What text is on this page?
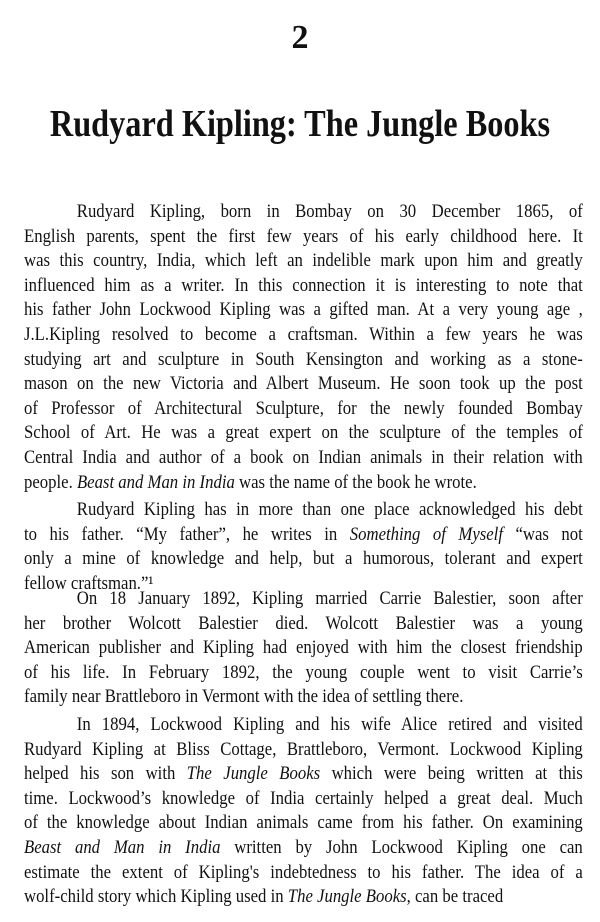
2
Rudyard Kipling: The Jungle Books
Rudyard Kipling, born in Bombay on 30 December 1865, of
English parents, spent the first few years of his early childhood here. It
was this country, India, which left an indelible mark upon him and greatly
influenced him as a writer. In this connection it is interesting to note that
his father John Lockwood Kipling was a gifted man. At a very young age ,
J.L.Kipling resolved to become a craftsman. Within a few years he was
studying art and sculpture in South Kensington and working as a stone-
mason on the new Victoria and Albert Museum. He soon took up the post
of Professor of Architectural Sculpture, for the newly founded Bombay
School of Art. He was a great expert on the sculpture of the temples of
Central India and author of a book on Indian animals in their relation with
people. Beast and Man in India was the name of the book he wrote.
Rudyard Kipling has in more than one place acknowledged his debt
to his father. “My father”, he writes in Something of Myself “was not
only a mine of knowledge and help, but a humorous, tolerant and expert
fellow craftsman.”¹
On 18 January 1892, Kipling married Carrie Balestier, soon after
her brother Wolcott Balestier died. Wolcott Balestier was a young
American publisher and Kipling had enjoyed with him the closest friendship
of his life. In February 1892, the young couple went to visit Carrie’s
family near Brattleboro in Vermont with the idea of settling there.
In 1894, Lockwood Kipling and his wife Alice retired and visited
Rudyard Kipling at Bliss Cottage, Brattleboro, Vermont. Lockwood Kipling
helped his son with The Jungle Books which were being written at this
time. Lockwood’s knowledge of India certainly helped a great deal. Much
of the knowledge about Indian animals came from his father. On examining
Beast and Man in India written by John Lockwood Kipling one can
estimate the extent of Kipling's indebtedness to his father. The idea of a
wolf-child story which Kipling used in The Jungle Books, can be traced
